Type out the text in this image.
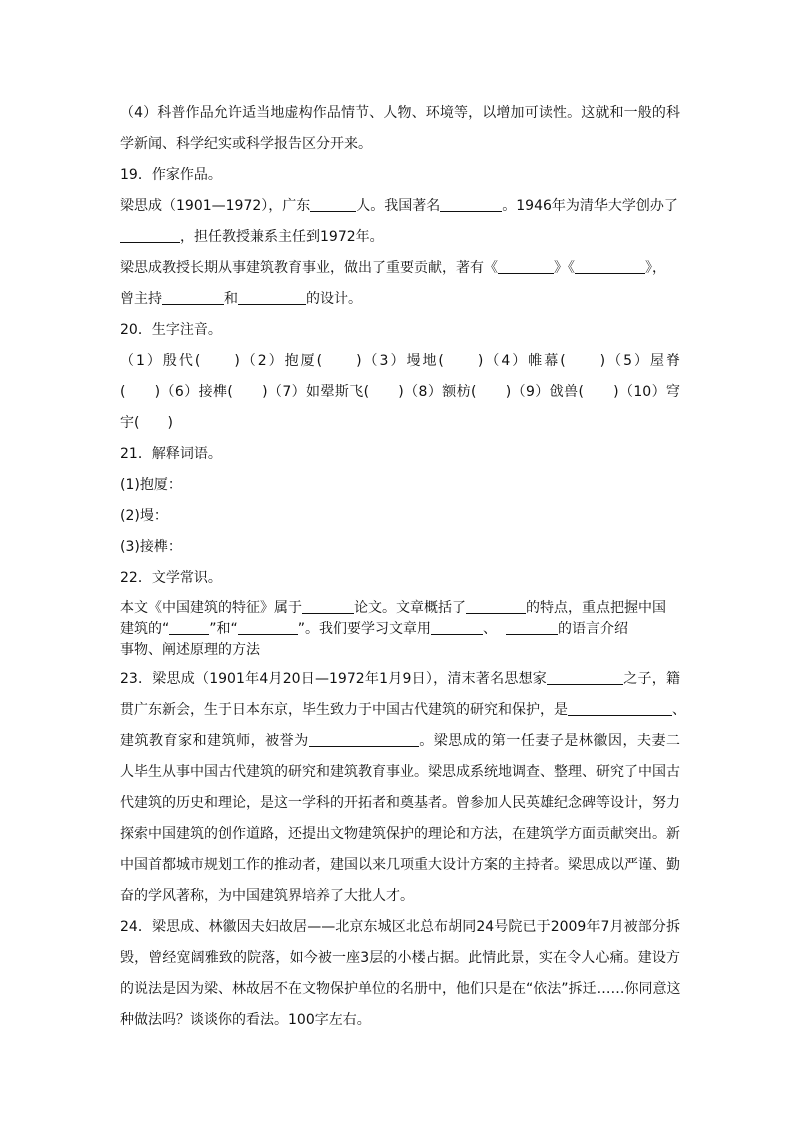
（4）科普作品允许适当地虚构作品情节、人物、环境等，以增加可读性。这就和一般的科

学新闻、科学纪实或科学报告区分开来。

19．作家作品。

梁思成（1901—1972），广东	人。我国著名	。1946年为清华大学创办了

，担任教授兼系主任到1972年。

梁思成教授长期从事建筑教育事业，做出了重要贡献，著有《	》《	》，

曾主持	和	的设计。

20．生字注音。

（1）殷代(　　)（2）抱厦(　　)（3）墁地(　　)（4）帷幕(　　)（5）屋脊

(　　)（6）接榫(　　)（7）如翚斯飞(　　)（8）额枋(　　)（9）戗兽(　　)（10）穹

宇(　　)

21．解释词语。

(1)抱厦：

(2)墁：

(3)接榫：

22．文学常识。

本文《中国建筑的特征》属于	论文。文章概括了	的特点，重点把握中国

建筑的“	”和“	”。我们要学习文章用	、	的语言介绍

事物、阐述原理的方法

23．梁思成（1901年4月20日—1972年1月9日），清末著名思想家	之子，籍

贯广东新会，生于日本东京，毕生致力于中国古代建筑的研究和保护，是	、

建筑教育家和建筑师，被誉为	。梁思成的第一任妻子是林徽因，夫妻二

人毕生从事中国古代建筑的研究和建筑教育事业。梁思成系统地调查、整理、研究了中国古

代建筑的历史和理论，是这一学科的开拓者和奠基者。曾参加人民英雄纪念碑等设计，努力

探索中国建筑的创作道路，还提出文物建筑保护的理论和方法，在建筑学方面贡献突出。新

中国首都城市规划工作的推动者，建国以来几项重大设计方案的主持者。梁思成以严谨、勤

奋的学风著称，为中国建筑界培养了大批人才。

24．梁思成、林徽因夫妇故居——北京东城区北总布胡同24号院已于2009年7月被部分拆

毁，曾经宽阔雅致的院落，如今被一座3层的小楼占据。此情此景，实在令人心痛。建设方

的说法是因为梁、林故居不在文物保护单位的名册中，他们只是在“依法”拆迁……你同意这

种做法吗？谈谈你的看法。100字左右。
